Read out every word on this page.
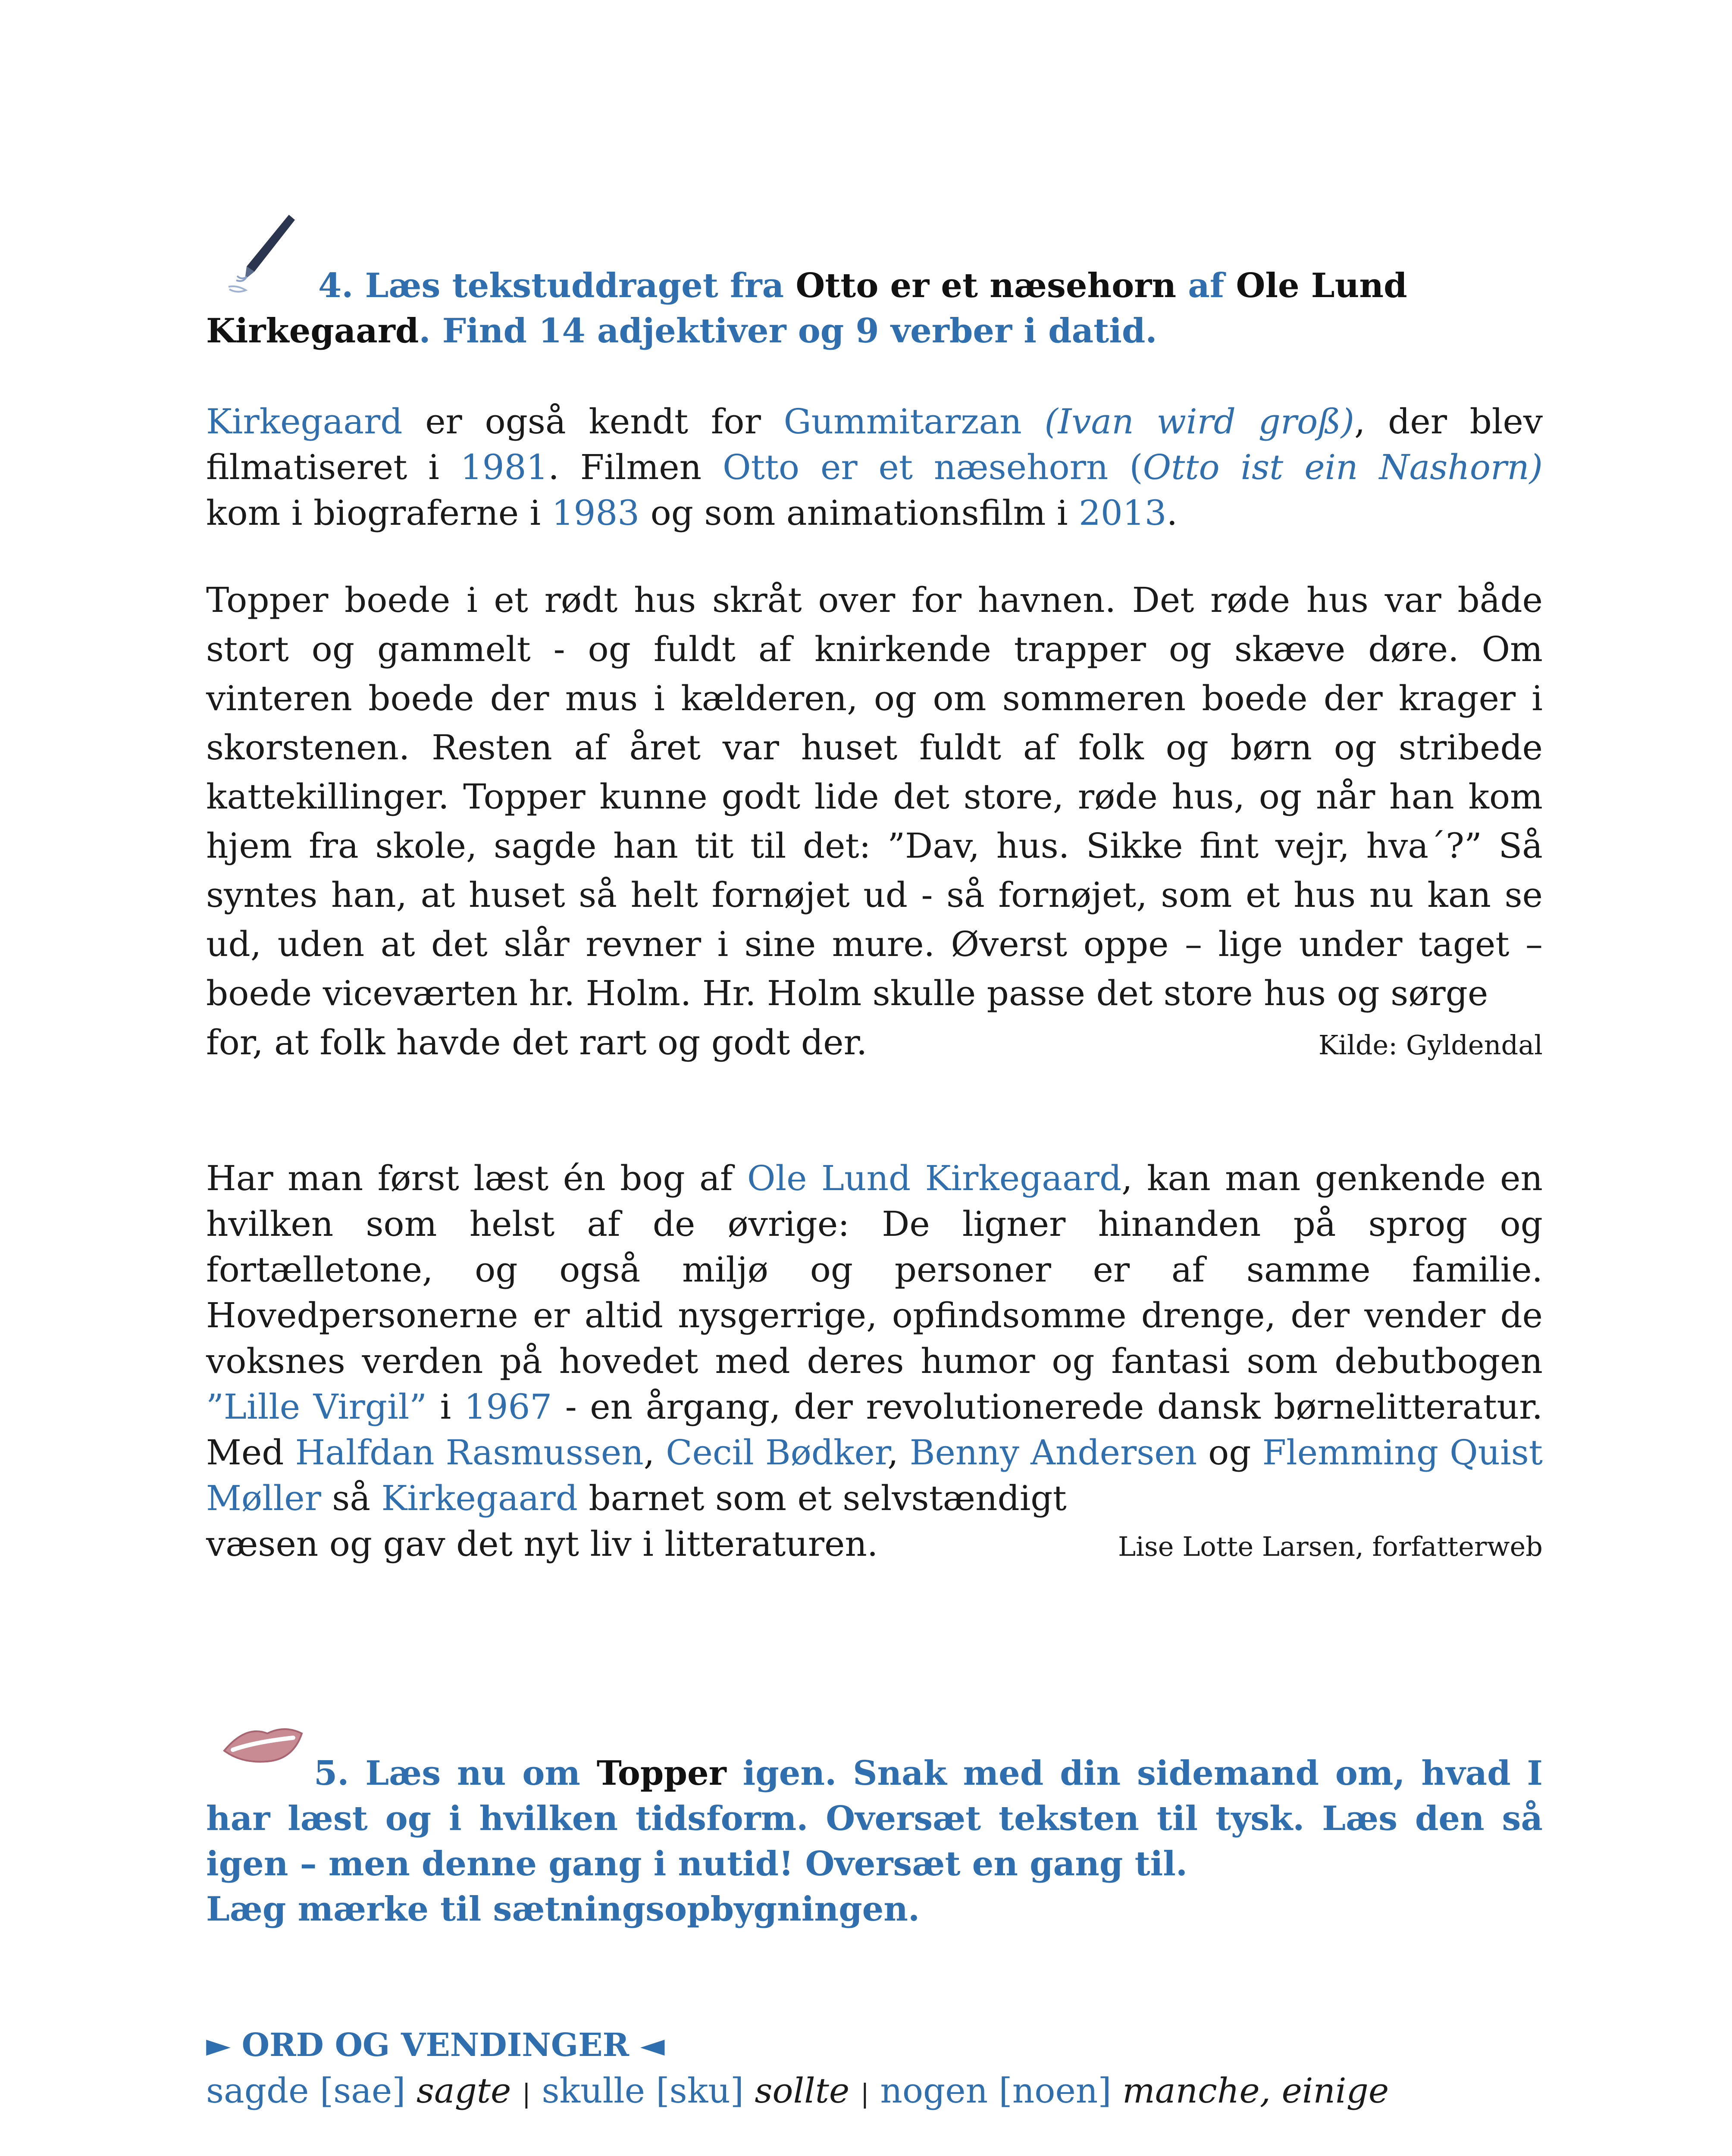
4. Læs tekstuddraget fra Otto er et næsehorn af Ole Lund
Kirkegaard. Find 14 adjektiver og 9 verber i datid.
Kirkegaard er også kendt for Gummitarzan (Ivan wird groß), der blev
filmatiseret i 1981. Filmen Otto er et næsehorn (Otto ist ein Nashorn)
kom i biograferne i 1983 og som animationsfilm i 2013.
Topper boede i et rødt hus skråt over for havnen. Det røde hus var både stort og gammelt - og fuldt af knirkende trapper og skæve døre. Om vinteren boede der mus i kælderen, og om sommeren boede der krager i skorstenen. Resten af året var huset fuldt af folk og børn og stribede kattekillinger. Topper kunne godt lide det store, røde hus, og når han kom hjem fra skole, sagde han tit til det: ”Dav, hus. Sikke fint vejr, hva´?” Så syntes han, at huset så helt fornøjet ud - så fornøjet, som et hus nu kan se ud, uden at det slår revner i sine mure. Øverst oppe – lige under taget – boede viceværten hr. Holm. Hr. Holm skulle passe det store hus og sørge
for, at folk havde det rart og godt der.	Kilde: Gyldendal
Har man først læst én bog af Ole Lund Kirkegaard, kan man genkende en hvilken som helst af de øvrige: De ligner hinanden på sprog og fortælletone, og også miljø og personer er af samme familie. Hovedpersonerne er altid nysgerrige, opfindsomme drenge, der vender de voksnes verden på hovedet med deres humor og fantasi som debutbogen ”Lille Virgil” i 1967 - en årgang, der revolutionerede dansk børnelitteratur. Med Halfdan Rasmussen, Cecil Bødker, Benny Andersen og Flemming Quist Møller så Kirkegaard barnet som et selvstændigt
væsen og gav det nyt liv i litteraturen.	Lise Lotte Larsen, forfatterweb
5. Læs nu om Topper igen. Snak med din sidemand om, hvad I har læst og i hvilken tidsform. Oversæt teksten til tysk. Læs den så igen – men denne gang i nutid! Oversæt en gang til.
Læg mærke til sætningsopbygningen.
► ORD OG VENDINGER ◄
sagde [sae] sagte | skulle [sku] sollte | nogen [noen] manche, einige
